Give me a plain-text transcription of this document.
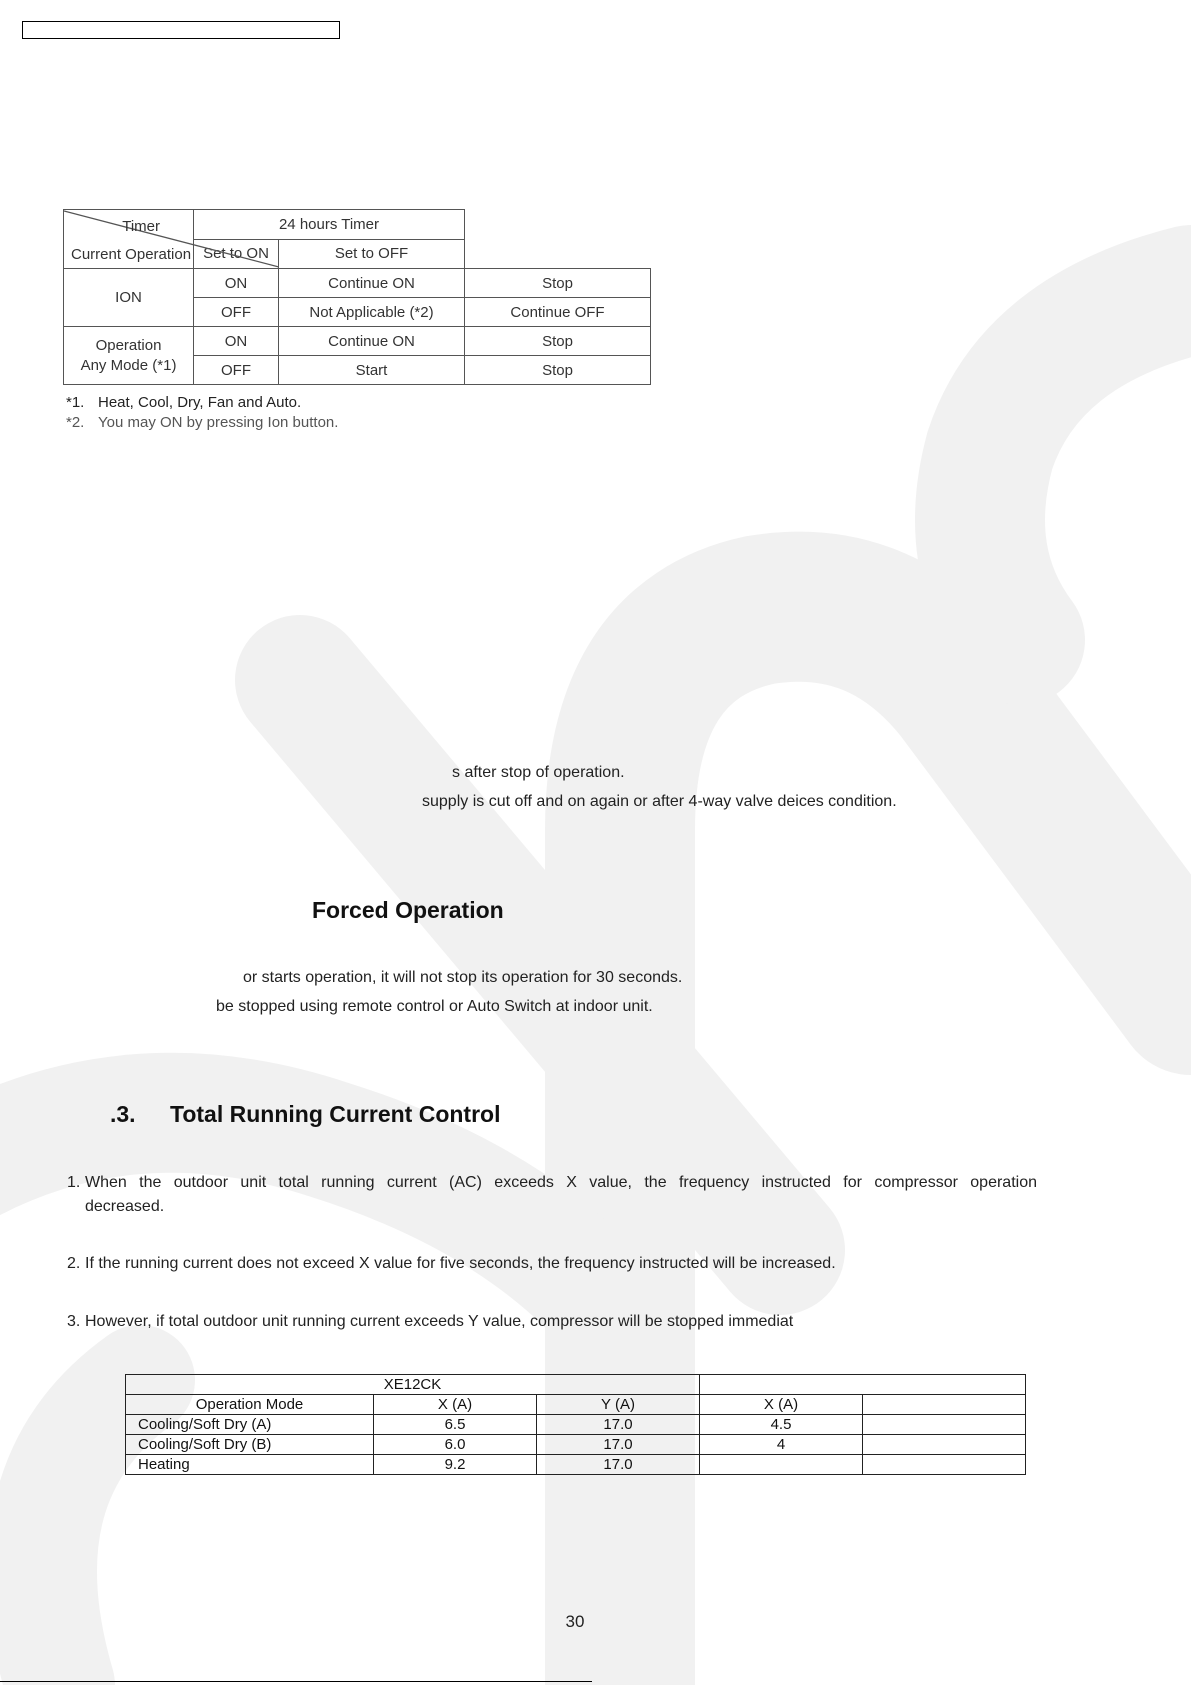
Timer
Current Operation	24 hours Timer		
	Set to ON	Set to OFF	
ION	ON	Continue ON	Stop
	OFF	Not Applicable (*2)	Continue OFF
Operation
Any Mode (*1)	ON	Continue ON	Stop
	OFF	Start	Stop
*1. Heat, Cool, Dry, Fan and Auto.
*2. You may ON by pressing Ion button.
s after stop of operation.
supply is cut off and on again or after 4-way valve deices condition.
Forced Operation
or starts operation, it will not stop its operation for 30 seconds.
be stopped using remote control or Auto Switch at indoor unit.
.3. Total Running Current Control
1. When the outdoor unit total running current (AC) exceeds X value, the frequency instructed for compressor operation
decreased.
2. If the running current does not exceed X value for five seconds, the frequency instructed will be increased.
3. However, if total outdoor unit running current exceeds Y value, compressor will be stopped immediat
XE12CK				
Operation Mode	X (A)	Y (A)	X (A)	
Cooling/Soft Dry (A)	6.5	17.0	4.5	
Cooling/Soft Dry (B)	6.0	17.0	4	
Heating	9.2	17.0		
30
